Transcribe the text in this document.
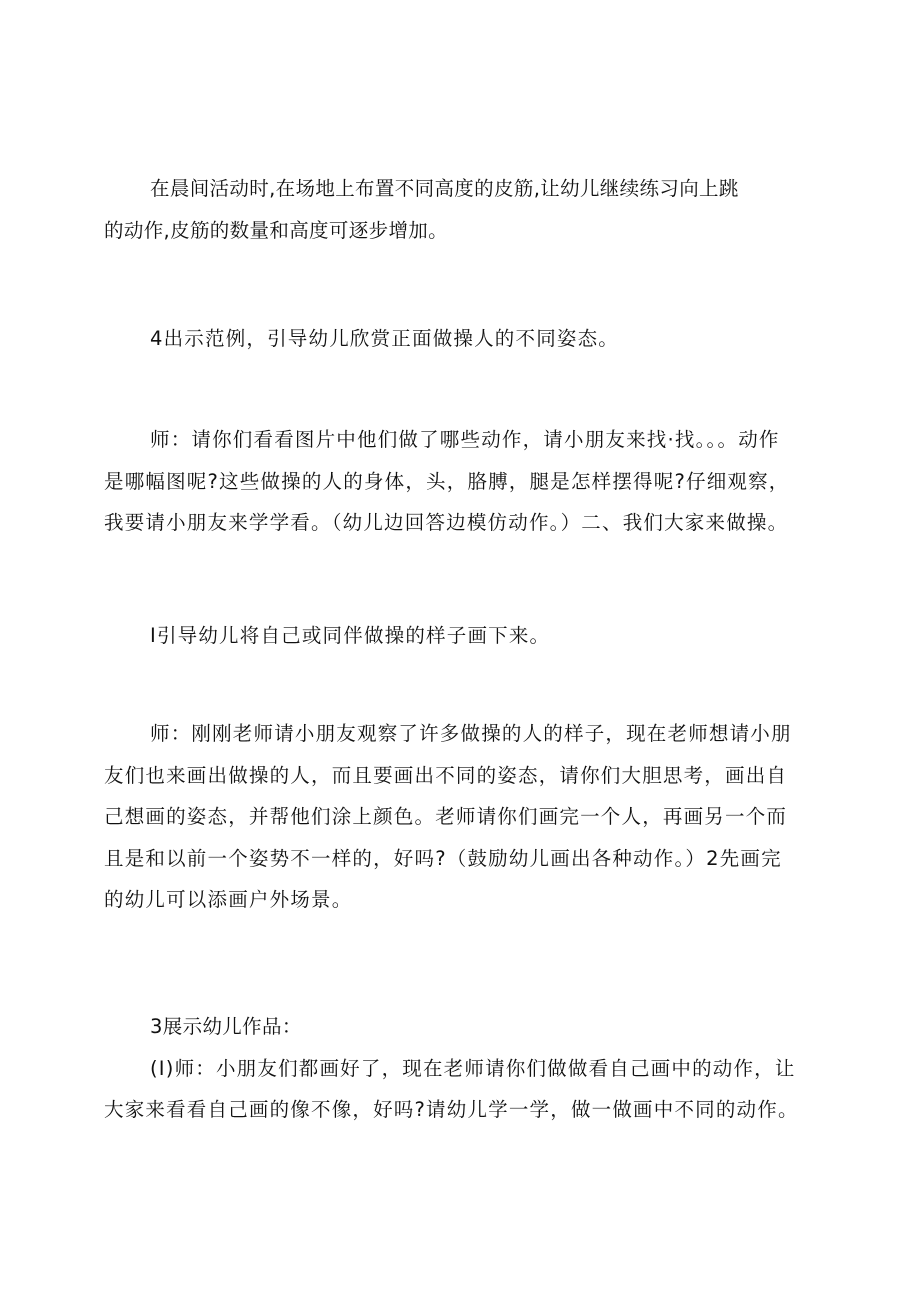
在晨间活动时,在场地上布置不同高度的皮筋,让幼儿继续练习向上跳
的动作,皮筋的数量和高度可逐步增加。

4出示范例，引导幼儿欣赏正面做操人的不同姿态。

师：请你们看看图片中他们做了哪些动作，请小朋友来找·找。。。动作
是哪幅图呢?这些做操的人的身体，头，胳膊，腿是怎样摆得呢?仔细观察，
我要请小朋友来学学看。（幼儿边回答边模仿动作。）二、我们大家来做操。

I引导幼儿将自己或同伴做操的样子画下来。

师：刚刚老师请小朋友观察了许多做操的人的样子，现在老师想请小朋
友们也来画出做操的人，而且要画出不同的姿态，请你们大胆思考，画出自
己想画的姿态，并帮他们涂上颜色。老师请你们画完一个人，再画另一个而
且是和以前一个姿势不一样的，好吗?（鼓励幼儿画出各种动作。）2先画完
的幼儿可以添画户外场景。

3展示幼儿作品：
(I)师：小朋友们都画好了，现在老师请你们做做看自己画中的动作，让
大家来看看自己画的像不像，好吗?请幼儿学一学，做一做画中不同的动作。
